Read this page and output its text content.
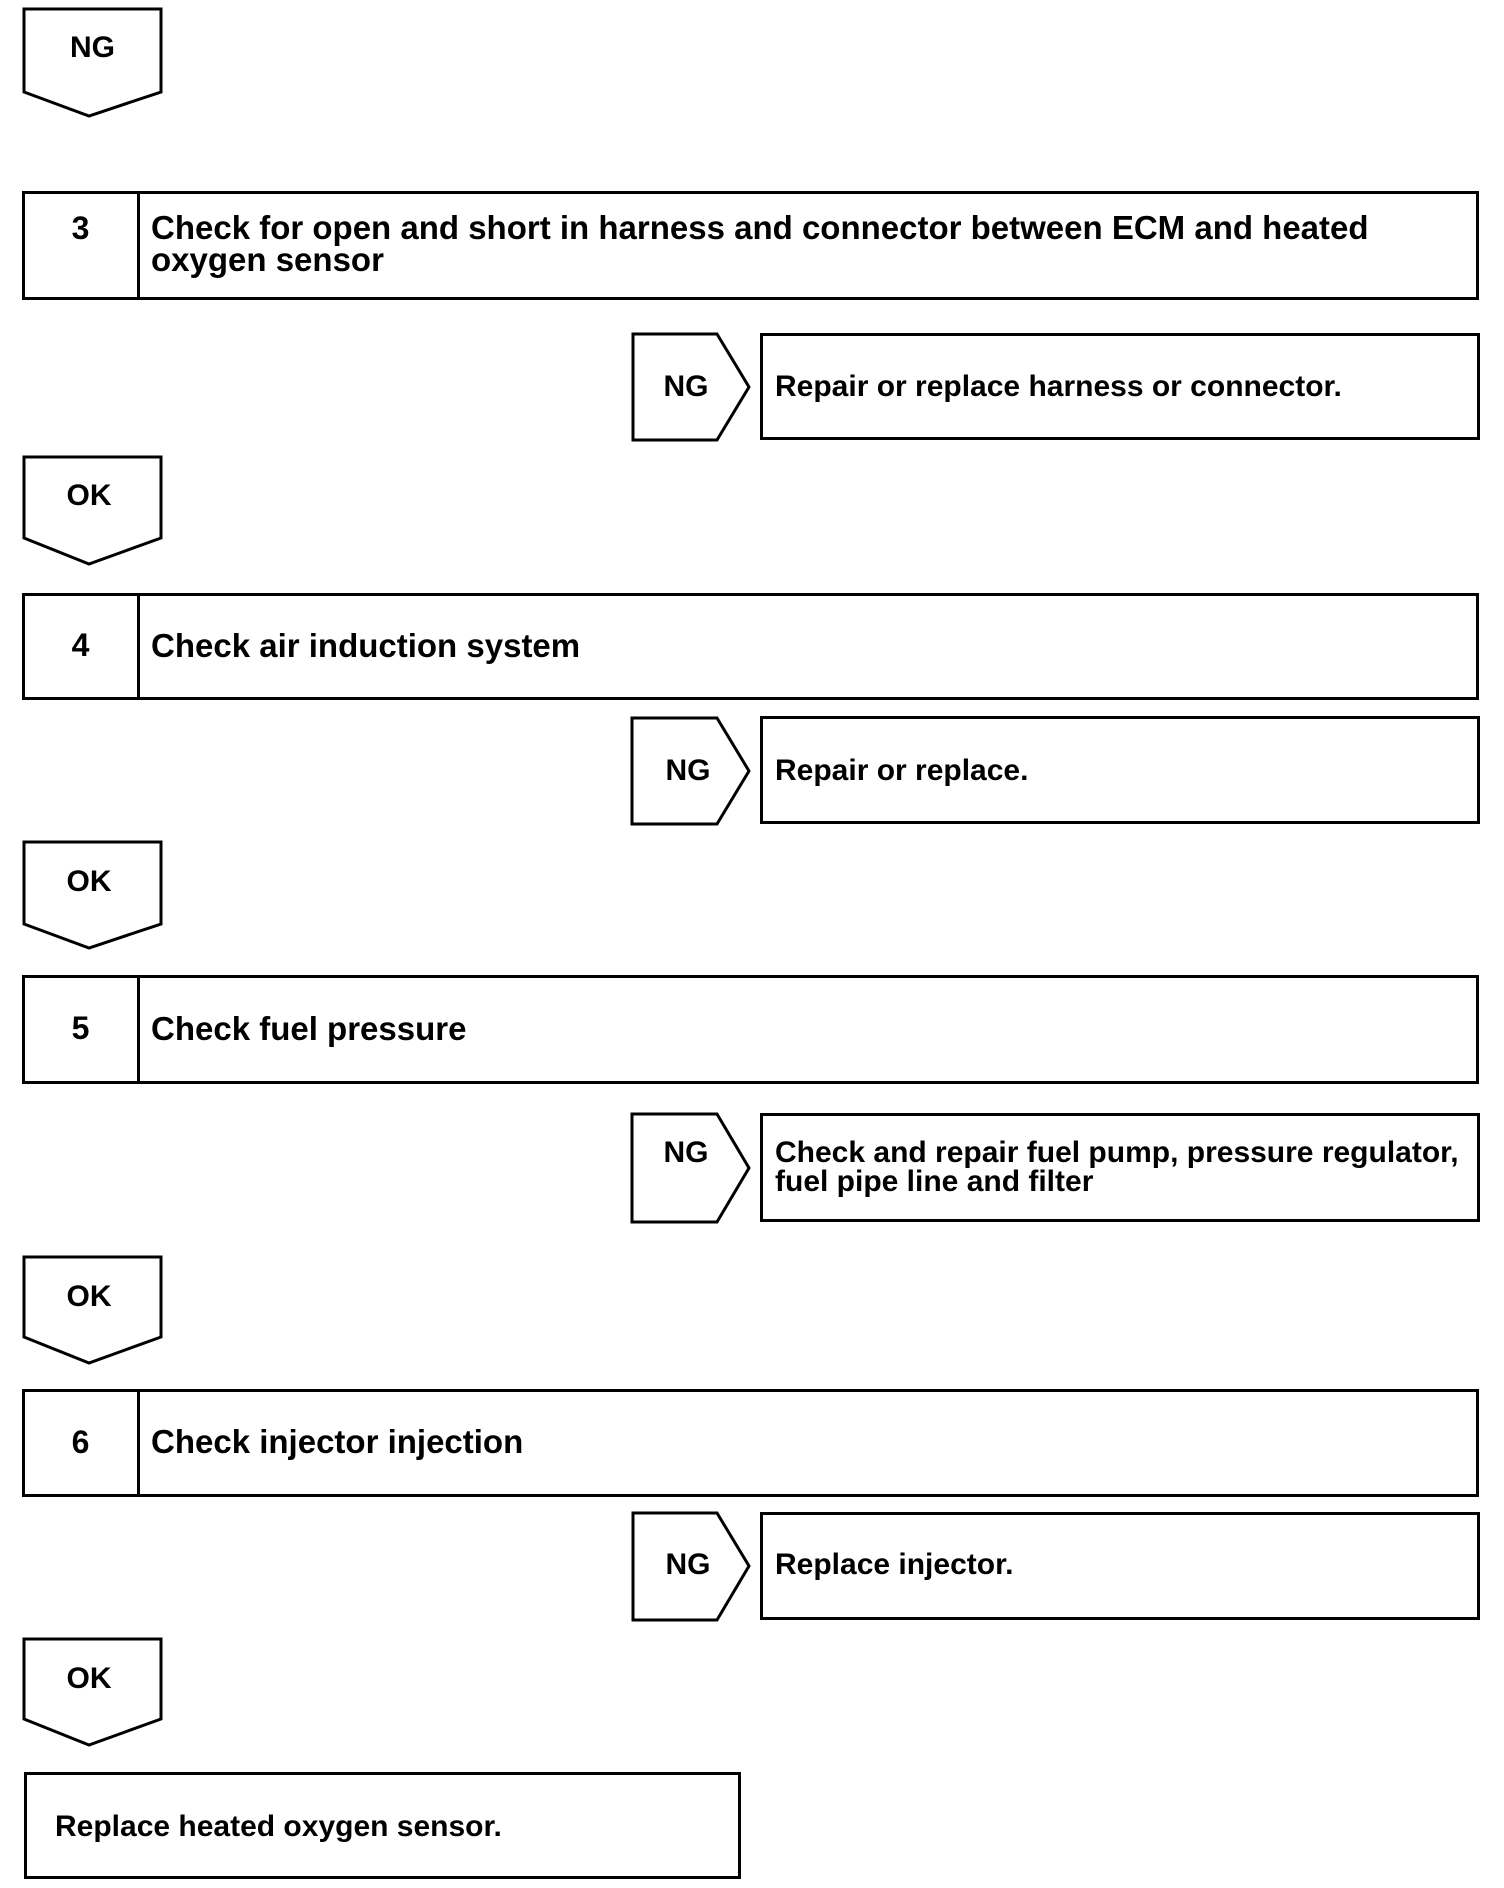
NG
3	Check for open and short in harness and connector between ECM and heated
oxygen sensor
NG	Repair or replace harness or connector.
OK
4	Check air induction system
NG	Repair or replace.
OK
5	Check fuel pressure
NG	Check and repair fuel pump, pressure regulator,
fuel pipe line and filter
OK
6	Check injector injection
NG	Replace injector.
OK
Replace heated oxygen sensor.
